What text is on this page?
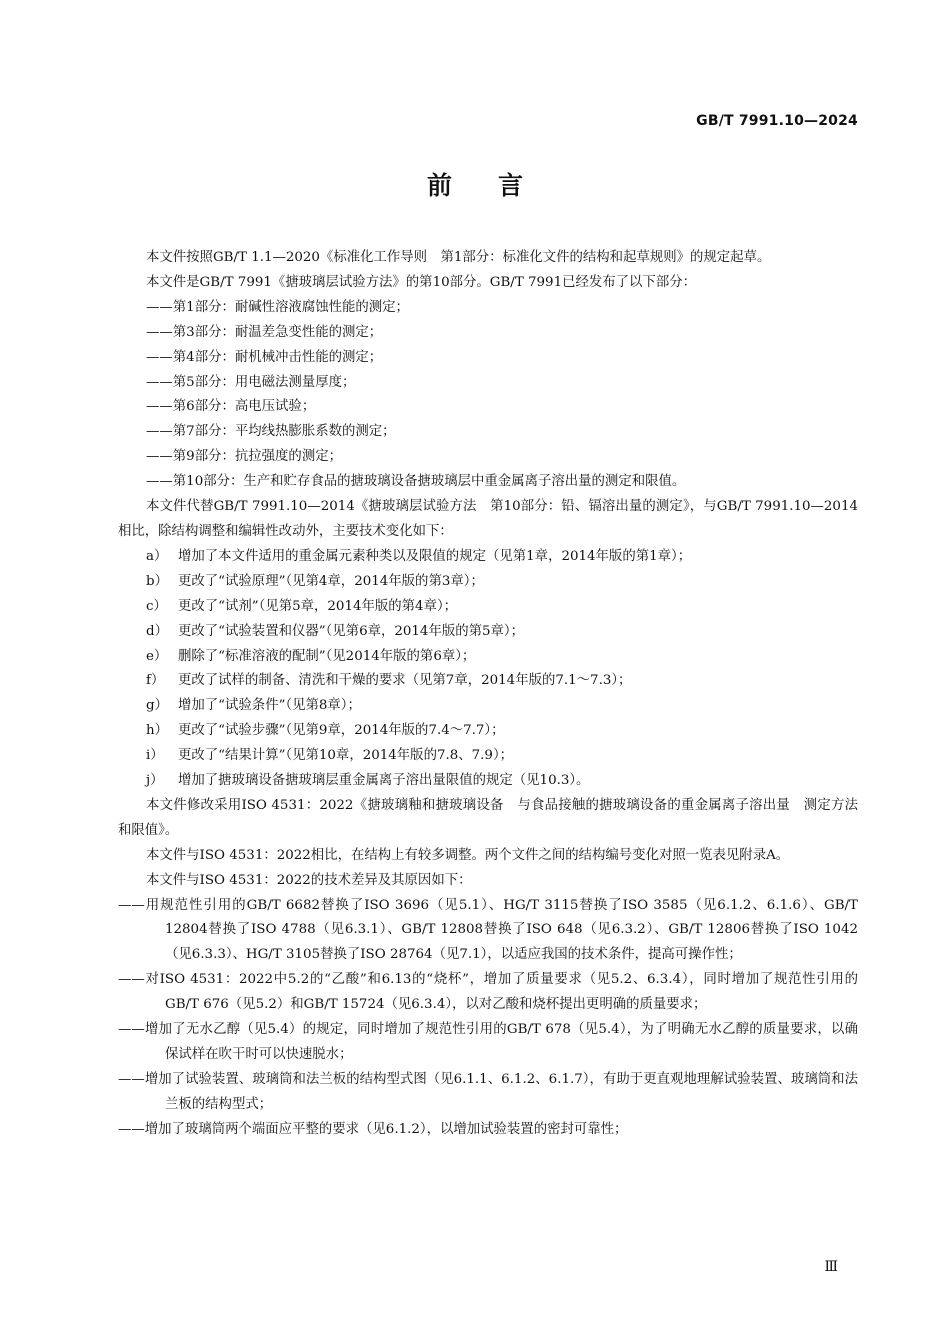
GB/T 7991.10—2024
前言
本文件按照GB/T 1.1—2020《标准化工作导则　第1部分：标准化文件的结构和起草规则》的规定起草。
本文件是GB/T 7991《搪玻璃层试验方法》的第10部分。GB/T 7991已经发布了以下部分：
——第1部分：耐碱性溶液腐蚀性能的测定；
——第3部分：耐温差急变性能的测定；
——第4部分：耐机械冲击性能的测定；
——第5部分：用电磁法测量厚度；
——第6部分：高电压试验；
——第7部分：平均线热膨胀系数的测定；
——第9部分：抗拉强度的测定；
——第10部分：生产和贮存食品的搪玻璃设备搪玻璃层中重金属离子溶出量的测定和限值。
本文件代替GB/T 7991.10—2014《搪玻璃层试验方法　第10部分：铅、镉溶出量的测定》，与GB/T 7991.10—2014相比，除结构调整和编辑性改动外，主要技术变化如下：
a） 增加了本文件适用的重金属元素种类以及限值的规定（见第1章，2014年版的第1章）；
b） 更改了“试验原理”（见第4章，2014年版的第3章）；
c） 更改了“试剂”（见第5章，2014年版的第4章）；
d） 更改了“试验装置和仪器”（见第6章，2014年版的第5章）；
e） 删除了“标准溶液的配制”（见2014年版的第6章）；
f） 更改了试样的制备、清洗和干燥的要求（见第7章，2014年版的7.1～7.3）；
g） 增加了“试验条件”（见第8章）；
h） 更改了“试验步骤”（见第9章，2014年版的7.4～7.7）；
i） 更改了“结果计算”（见第10章，2014年版的7.8、7.9）；
j） 增加了搪玻璃设备搪玻璃层重金属离子溶出量限值的规定（见10.3）。
本文件修改采用ISO 4531：2022《搪玻璃釉和搪玻璃设备　与食品接触的搪玻璃设备的重金属离子溶出量　测定方法和限值》。
本文件与ISO 4531：2022相比，在结构上有较多调整。两个文件之间的结构编号变化对照一览表见附录A。
本文件与ISO 4531：2022的技术差异及其原因如下：
——用规范性引用的GB/T 6682替换了ISO 3696（见5.1）、HG/T 3115替换了ISO 3585（见6.1.2、6.1.6）、GB/T 12804替换了ISO 4788（见6.3.1）、GB/T 12808替换了ISO 648（见6.3.2）、GB/T 12806替换了ISO 1042（见6.3.3）、HG/T 3105替换了ISO 28764（见7.1），以适应我国的技术条件，提高可操作性；
——对ISO 4531：2022中5.2的“乙酸”和6.13的“烧杯”，增加了质量要求（见5.2、6.3.4），同时增加了规范性引用的GB/T 676（见5.2）和GB/T 15724（见6.3.4），以对乙酸和烧杯提出更明确的质量要求；
——增加了无水乙醇（见5.4）的规定，同时增加了规范性引用的GB/T 678（见5.4），为了明确无水乙醇的质量要求，以确保试样在吹干时可以快速脱水；
——增加了试验装置、玻璃筒和法兰板的结构型式图（见6.1.1、6.1.2、6.1.7），有助于更直观地理解试验装置、玻璃筒和法兰板的结构型式；
——增加了玻璃筒两个端面应平整的要求（见6.1.2），以增加试验装置的密封可靠性；
Ⅲ
